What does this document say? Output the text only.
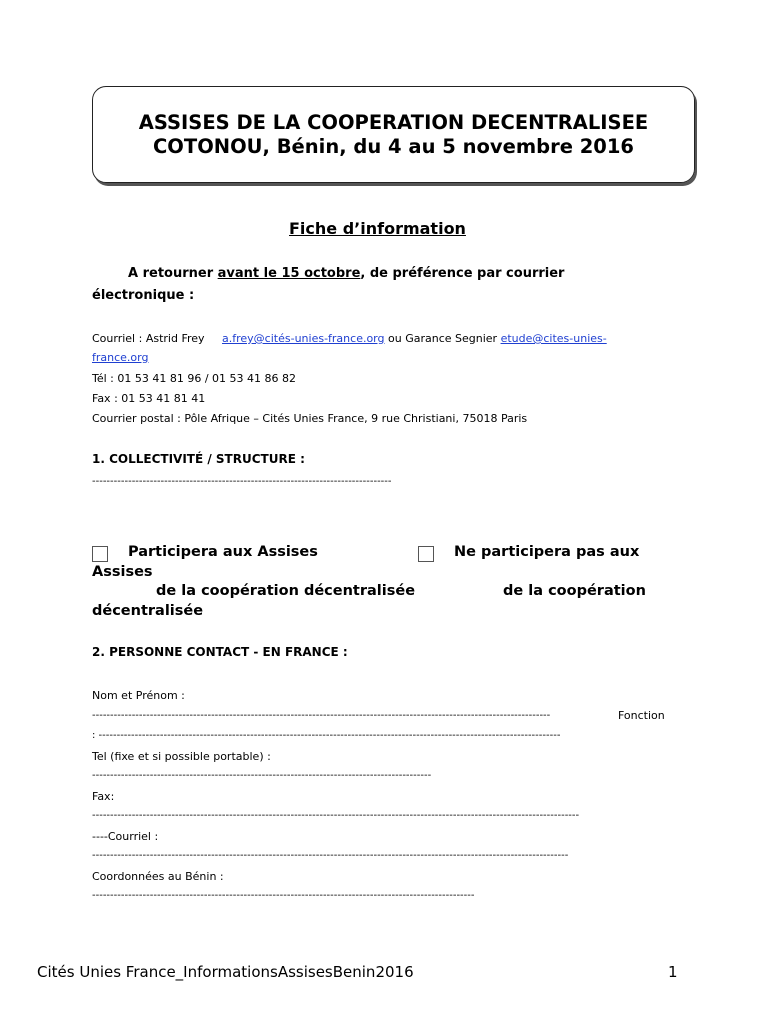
ASSISES DE LA COOPERATION DECENTRALISEE
COTONOU, Bénin, du 4 au 5 novembre 2016
Fiche d’information
A retourner avant le 15 octobre, de préférence par courrier
électronique :
Courriel : Astrid Frey a.frey@cités-unies-france.org ou Garance Segnier etude@cites-unies-
france.org
Tél : 01 53 41 81 96 / 01 53 41 86 82
Fax : 01 53 41 81 41
Courrier postal : Pôle Afrique – Cités Unies France, 9 rue Christiani, 75018 Paris
1. COLLECTIVITÉ / STRUCTURE :
-----------------------------------------------------------------------------------
Participera aux Assises	Ne participera pas aux
Assises
de la coopération décentralisée	de la coopération
décentralisée
2. PERSONNE CONTACT - EN FRANCE :
Nom et Prénom :
-------------------------------------------------------------------------------------------------------------------------------	Fonction
: --------------------------------------------------------------------------------------------------------------------------------
Tel (fixe et si possible portable) :
----------------------------------------------------------------------------------------------
Fax:
---------------------------------------------------------------------------------------------------------------------------------------
----Courriel :
------------------------------------------------------------------------------------------------------------------------------------
Coordonnées au Bénin :
----------------------------------------------------------------------------------------------------------
Cités Unies France_InformationsAssisesBenin2016	1
